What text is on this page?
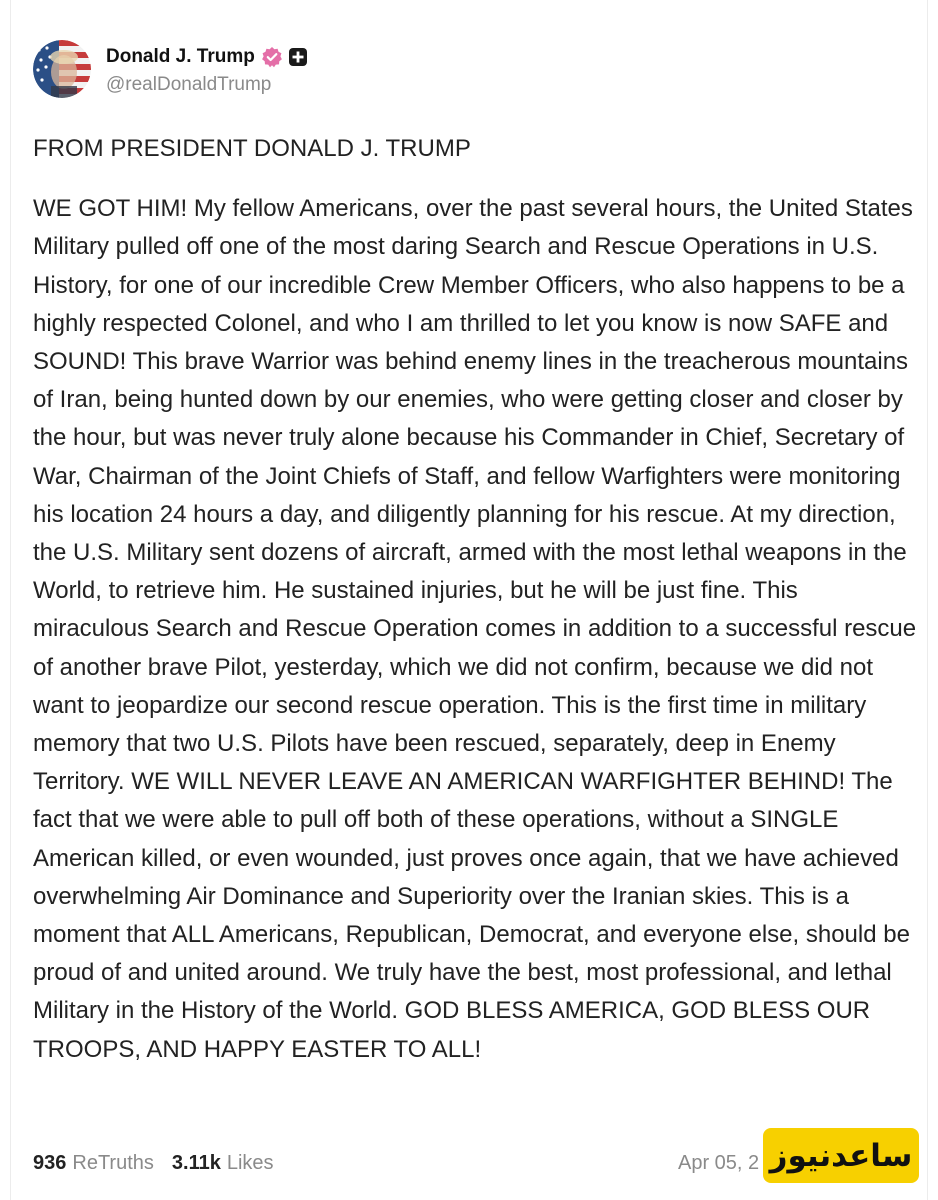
Donald J. Trump
@realDonaldTrump

FROM PRESIDENT DONALD J. TRUMP

WE GOT HIM! My fellow Americans, over the past several hours, the United States Military pulled off one of the most daring Search and Rescue Operations in U.S. History, for one of our incredible Crew Member Officers, who also happens to be a highly respected Colonel, and who I am thrilled to let you know is now SAFE and SOUND! This brave Warrior was behind enemy lines in the treacherous mountains of Iran, being hunted down by our enemies, who were getting closer and closer by the hour, but was never truly alone because his Commander in Chief, Secretary of War, Chairman of the Joint Chiefs of Staff, and fellow Warfighters were monitoring his location 24 hours a day, and diligently planning for his rescue. At my direction, the U.S. Military sent dozens of aircraft, armed with the most lethal weapons in the World, to retrieve him. He sustained injuries, but he will be just fine. This miraculous Search and Rescue Operation comes in addition to a successful rescue of another brave Pilot, yesterday, which we did not confirm, because we did not want to jeopardize our second rescue operation. This is the first time in military memory that two U.S. Pilots have been rescued, separately, deep in Enemy Territory. WE WILL NEVER LEAVE AN AMERICAN WARFIGHTER BEHIND! The fact that we were able to pull off both of these operations, without a SINGLE American killed, or even wounded, just proves once again, that we have achieved overwhelming Air Dominance and Superiority over the Iranian skies. This is a moment that ALL Americans, Republican, Democrat, and everyone else, should be proud of and united around. We truly have the best, most professional, and lethal Military in the History of the World. GOD BLESS AMERICA, GOD BLESS OUR TROOPS, AND HAPPY EASTER TO ALL!

936 ReTruths 3.11k Likes	Apr 05, 2 ساعدنیوز
